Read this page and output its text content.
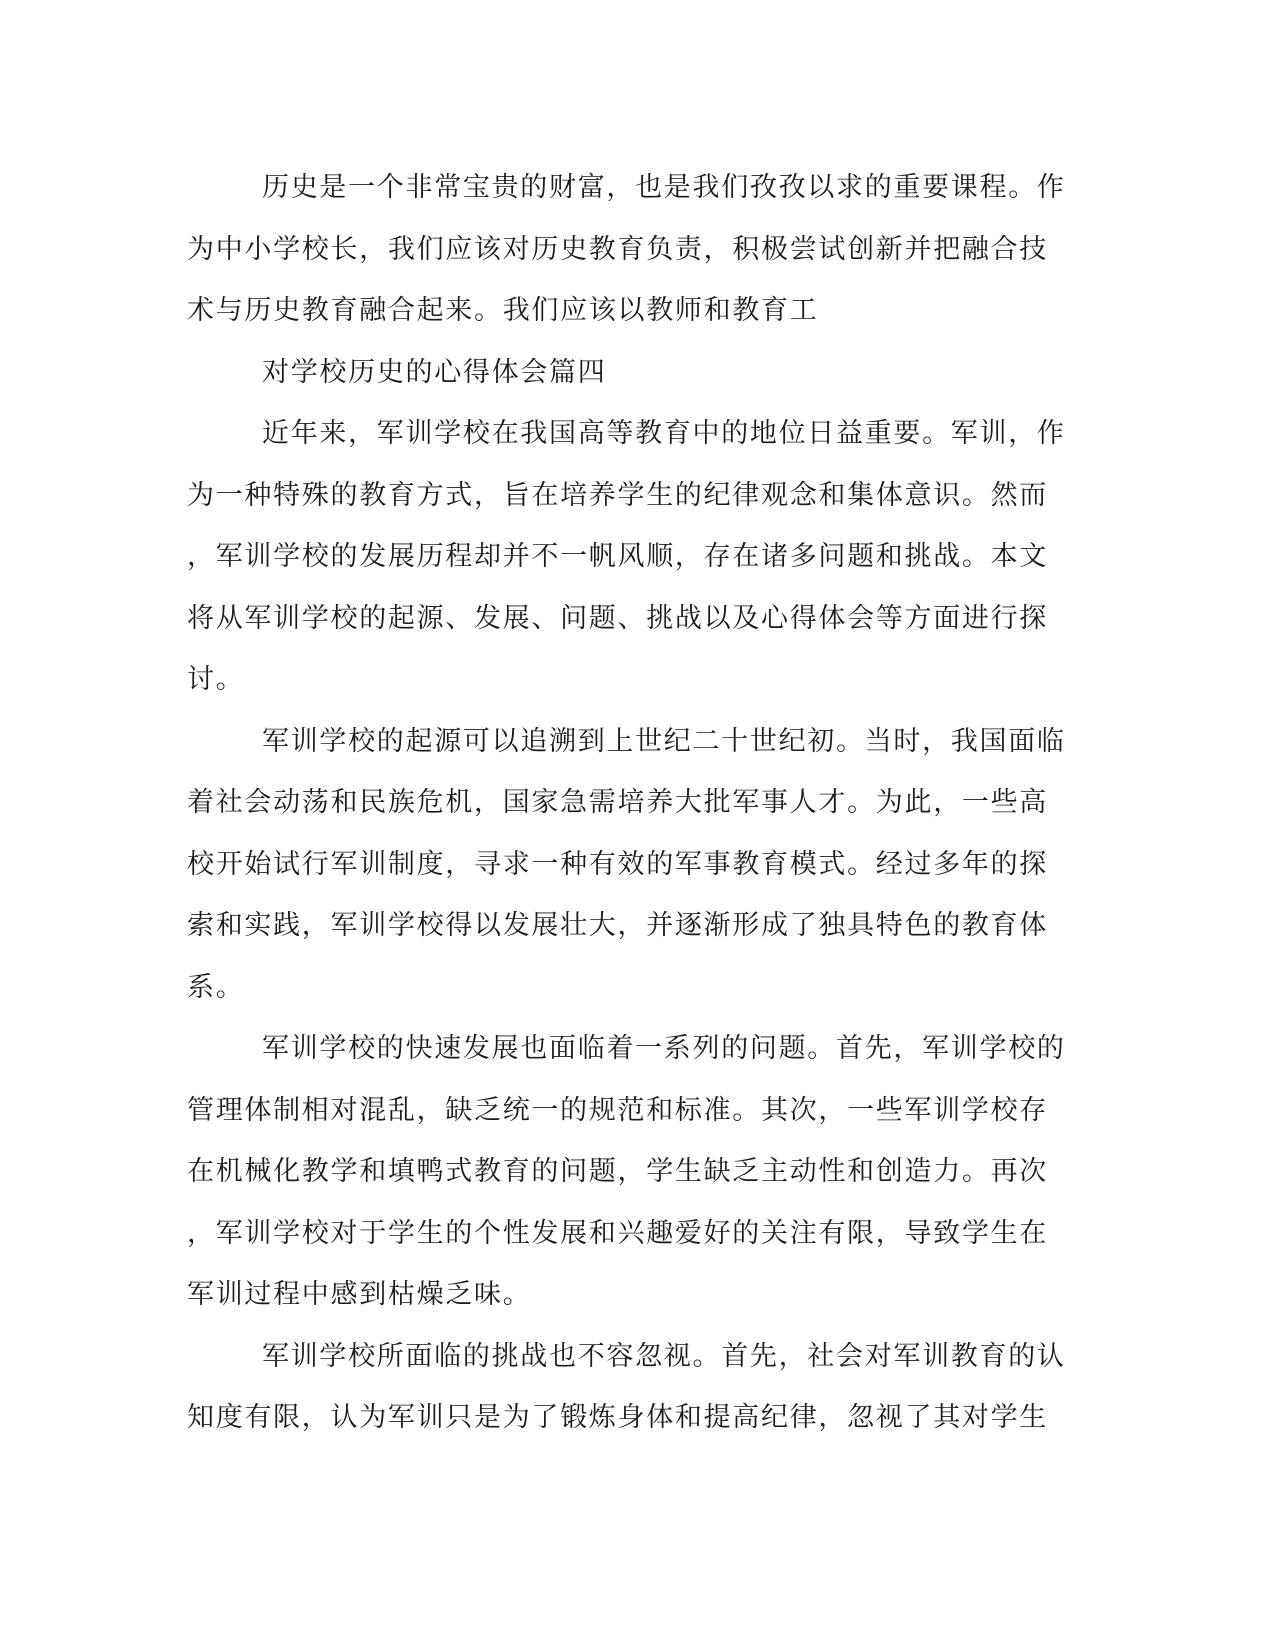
历史是一个非常宝贵的财富，也是我们孜孜以求的重要课程。作
为中小学校长，我们应该对历史教育负责，积极尝试创新并把融合技
术与历史教育融合起来。我们应该以教师和教育工
对学校历史的心得体会篇四
近年来，军训学校在我国高等教育中的地位日益重要。军训，作
为一种特殊的教育方式，旨在培养学生的纪律观念和集体意识。然而
，军训学校的发展历程却并不一帆风顺，存在诸多问题和挑战。本文
将从军训学校的起源、发展、问题、挑战以及心得体会等方面进行探
讨。
军训学校的起源可以追溯到上世纪二十世纪初。当时，我国面临
着社会动荡和民族危机，国家急需培养大批军事人才。为此，一些高
校开始试行军训制度，寻求一种有效的军事教育模式。经过多年的探
索和实践，军训学校得以发展壮大，并逐渐形成了独具特色的教育体
系。
军训学校的快速发展也面临着一系列的问题。首先，军训学校的
管理体制相对混乱，缺乏统一的规范和标准。其次，一些军训学校存
在机械化教学和填鸭式教育的问题，学生缺乏主动性和创造力。再次
，军训学校对于学生的个性发展和兴趣爱好的关注有限，导致学生在
军训过程中感到枯燥乏味。
军训学校所面临的挑战也不容忽视。首先，社会对军训教育的认
知度有限，认为军训只是为了锻炼身体和提高纪律，忽视了其对学生
